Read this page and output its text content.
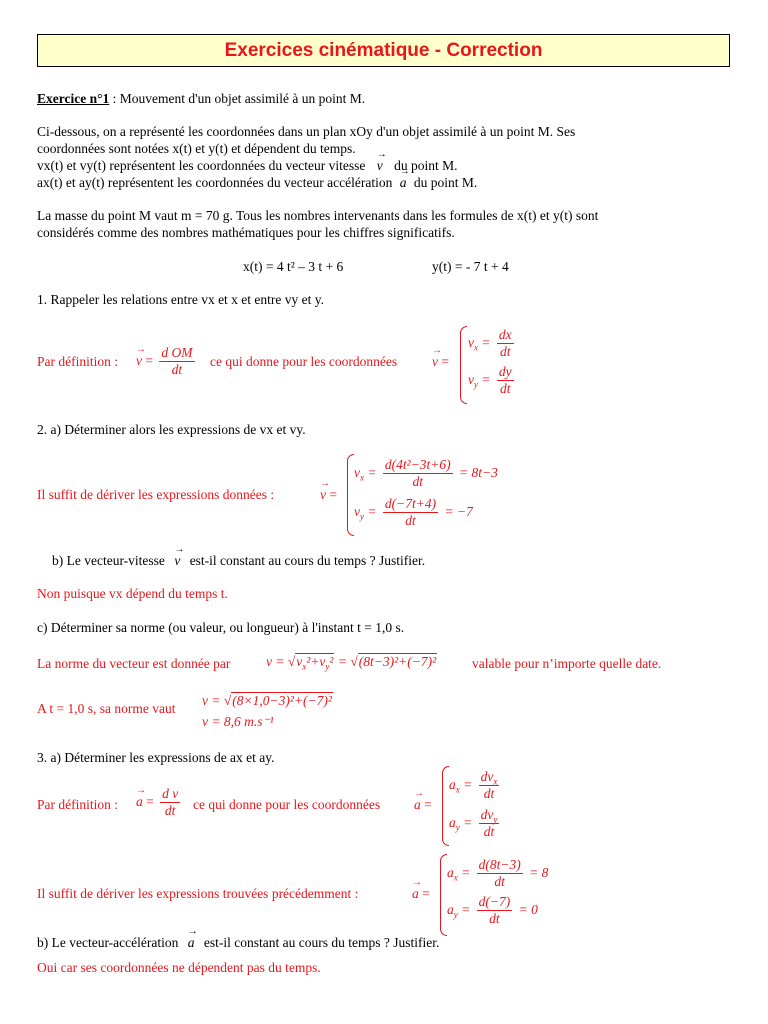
Exercices cinématique - Correction
Exercice n°1 : Mouvement d'un objet assimilé à un point M.
Ci-dessous, on a représenté les coordonnées dans un plan xOy d'un objet assimilé à un point M. Ses
coordonnées sont notées x(t) et y(t) et dépendent du temps.
vx(t) et vy(t) représentent les coordonnées du vecteur vitesse v → du point M.
ax(t) et ay(t) représentent les coordonnées du vecteur accélération a → du point M.
La masse du point M vaut m = 70 g. Tous les nombres intervenants dans les formules de x(t) et y(t) sont
considérés comme des nombres mathématiques pour les chiffres significatifs.
x(t) = 4 t² – 3 t + 6	y(t) = - 7 t + 4
1. Rappeler les relations entre vx et x et entre vy et y.
Par définition : v → = $\frac{\text{d OM}}{dt}$ ce qui donne pour les coordonnées	v → =
$v_x = \frac{dx}{dt}$
$v_y = \frac{dy}{dt}$
2. a) Déterminer alors les expressions de vx et vy.
Il suffit de dériver les expressions données :	v → =
$v_x = \frac{\text{d(4t²−3t+6)}}{dt} = 8t-3$
$v_y = \frac{d(-7t+4)}{dt} = -7$
b) Le vecteur-vitesse v → est-il constant au cours du temps ? Justifier.
Non puisque vx dépend du temps t.
c) Déterminer sa norme (ou valeur, ou longueur) à l'instant t = 1,0 s.
La norme du vecteur est donnée par	$v = √v_x^2+v_y^2 = √(8t-3)^2+(-7)^2$	valable pour n’importe quelle date.
A t = 1,0 s, sa norme vaut
v = √(8×1,0−3)²+(−7)²
v = 8,6 m.s⁻¹
3. a) Déterminer les expressions de ax et ay.
Par définition : a → = $\frac{\text{d v}}{dt}$ ce qui donne pour les coordonnées	a → =
$a_x = \frac{dv_x}{dt}$
$a_y = \frac{dv_y}{dt}$
Il suffit de dériver les expressions trouvées précédemment :	a → =
$a_x = \frac{d(8t-3)}{dt} = 8$
$a_y = \frac{d(-7)}{dt} = 0$
b) Le vecteur-accélération a → est-il constant au cours du temps ? Justifier.
Oui car ses coordonnées ne dépendent pas du temps.
